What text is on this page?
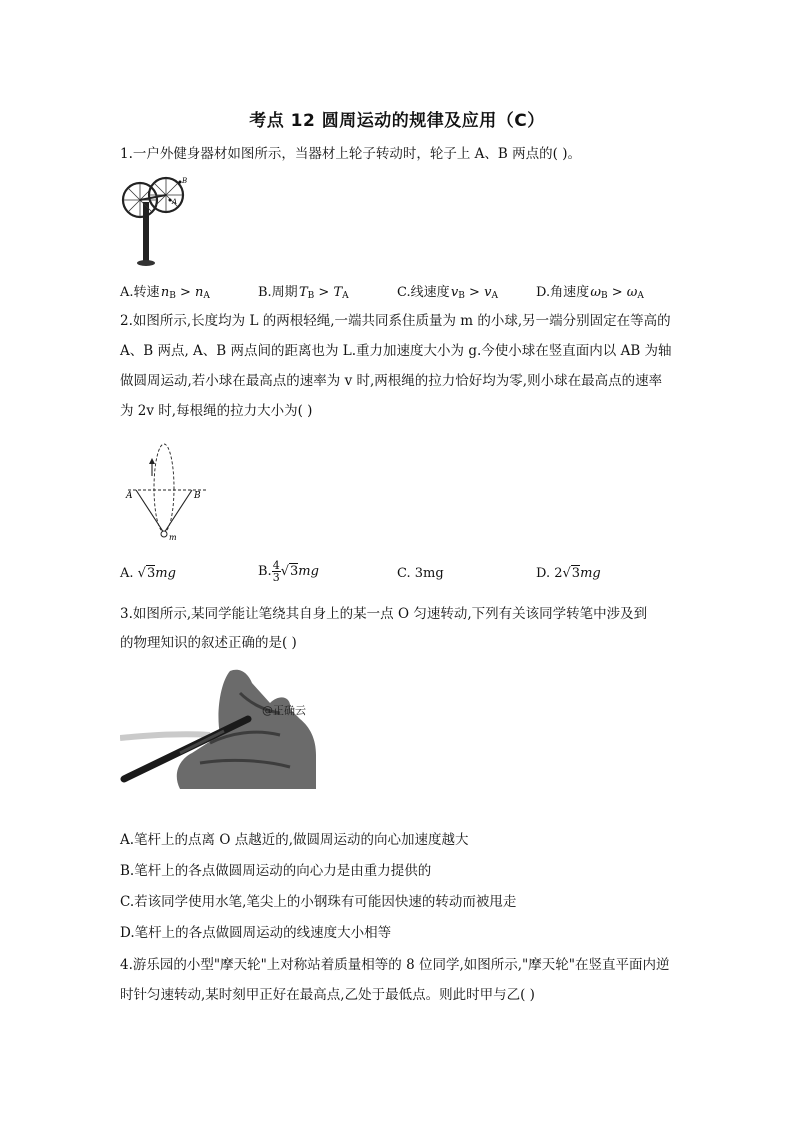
考点 12 圆周运动的规律及应用（C）
1.一户外健身器材如图所示，当器材上轮子转动时，轮子上 A、B 两点的( )。
B
A
A.转速 $n_B > n_A$	B.周期 $T_B > T_A$	C.线速度 $v_B > v_A$	D.角速度 $\omega_B > \omega_A$
2.如图所示,长度均为 L 的两根轻绳,一端共同系住质量为 m 的小球,另一端分别固定在等高的
A、B 两点, A、B 两点间的距离也为 L.重力加速度大小为 g.今使小球在竖直面内以 AB 为轴
做圆周运动,若小球在最高点的速率为 v 时,两根绳的拉力恰好均为零,则小球在最高点的速率
为 2v 时,每根绳的拉力大小为( )
A	B
m
A. √3mg	B. $\frac{4}{3} √3mg$	C. 3mg	D. 2√3mg
3.如图所示,某同学能让笔绕其自身上的某一点 O 匀速转动,下列有关该同学转笔中涉及到
的物理知识的叙述正确的是( )
@正确云
A.笔杆上的点离 O 点越近的,做圆周运动的向心加速度越大
B.笔杆上的各点做圆周运动的向心力是由重力提供的
C.若该同学使用水笔,笔尖上的小钢珠有可能因快速的转动而被甩走
D.笔杆上的各点做圆周运动的线速度大小相等
4.游乐园的小型"摩天轮"上对称站着质量相等的 8 位同学,如图所示,"摩天轮"在竖直平面内逆
时针匀速转动,某时刻甲正好在最高点,乙处于最低点。则此时甲与乙( )
